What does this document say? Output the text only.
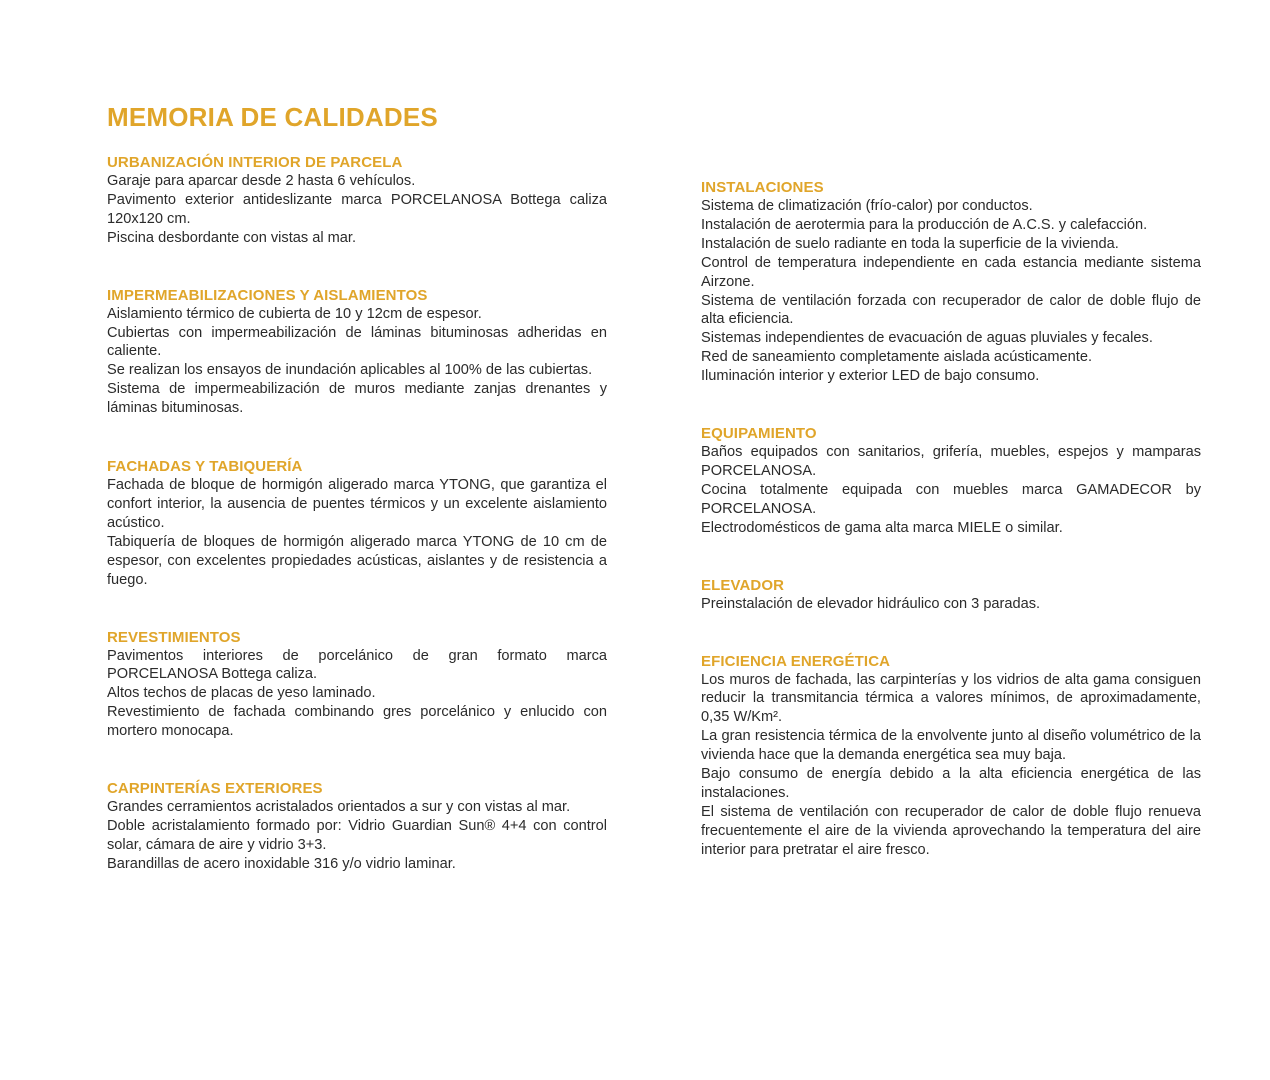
MEMORIA DE CALIDADES
URBANIZACIÓN INTERIOR DE PARCELA

Garaje para aparcar desde 2 hasta 6 vehículos.

Pavimento exterior antideslizante marca PORCELANOSA Bottega caliza 120x120 cm.

Piscina desbordante con vistas al mar.

IMPERMEABILIZACIONES Y AISLAMIENTOS

Aislamiento térmico de cubierta de 10 y 12cm de espesor.

Cubiertas con impermeabilización de láminas bituminosas adheridas en caliente.

Se realizan los ensayos de inundación aplicables al 100% de las cubiertas.

Sistema de impermeabilización de muros mediante zanjas drenantes y láminas bituminosas.

FACHADAS Y TABIQUERÍA

Fachada de bloque de hormigón aligerado marca YTONG, que garantiza el confort interior, la ausencia de puentes térmicos y un excelente aislamiento acústico.

Tabiquería de bloques de hormigón aligerado marca YTONG de 10 cm de espesor, con excelentes propiedades acústicas, aislantes y de resistencia a fuego.

REVESTIMIENTOS

Pavimentos interiores de porcelánico de gran formato marca PORCELANOSA Bottega caliza.

Altos techos de placas de yeso laminado.

Revestimiento de fachada combinando gres porcelánico y enlucido con mortero monocapa.

CARPINTERÍAS EXTERIORES

Grandes cerramientos acristalados orientados a sur y con vistas al mar.

Doble acristalamiento formado por: Vidrio Guardian Sun® 4+4 con control solar, cámara de aire y vidrio 3+3.

Barandillas de acero inoxidable 316 y/o vidrio laminar.

INSTALACIONES

Sistema de climatización (frío-calor) por conductos.

Instalación de aerotermia para la producción de A.C.S. y calefacción.

Instalación de suelo radiante en toda la superficie de la vivienda.

Control de temperatura independiente en cada estancia mediante sistema Airzone.

Sistema de ventilación forzada con recuperador de calor de doble flujo de alta eficiencia.

Sistemas independientes de evacuación de aguas pluviales y fecales.

Red de saneamiento completamente aislada acústicamente.

Iluminación interior y exterior LED de bajo consumo.

EQUIPAMIENTO

Baños equipados con sanitarios, grifería, muebles, espejos y mamparas PORCELANOSA.

Cocina totalmente equipada con muebles marca GAMADECOR by PORCELANOSA.

Electrodomésticos de gama alta marca MIELE o similar.

ELEVADOR

Preinstalación de elevador hidráulico con 3 paradas.

EFICIENCIA ENERGÉTICA

Los muros de fachada, las carpinterías y los vidrios de alta gama consiguen reducir la transmitancia térmica a valores mínimos, de aproximadamente, 0,35 W/Km².

La gran resistencia térmica de la envolvente junto al diseño volumétrico de la vivienda hace que la demanda energética sea muy baja.

Bajo consumo de energía debido a la alta eficiencia energética de las instalaciones.

El sistema de ventilación con recuperador de calor de doble flujo renueva frecuentemente el aire de la vivienda aprovechando la temperatura del aire interior para pretratar el aire fresco.
